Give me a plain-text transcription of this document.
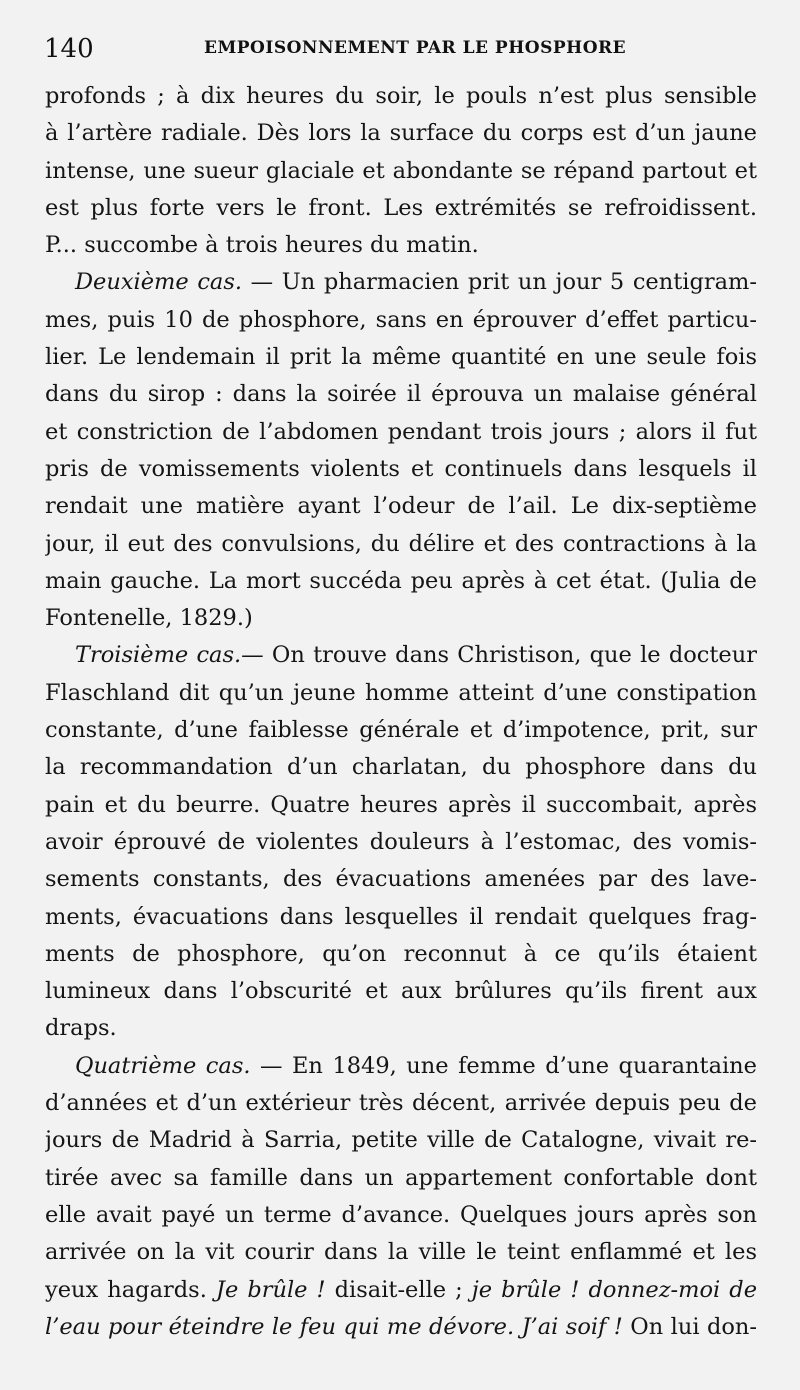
140	EMPOISONNEMENT PAR LE PHOSPHORE
profonds ; à dix heures du soir, le pouls n’est plus sensible
à l’artère radiale. Dès lors la surface du corps est d’un jaune
intense, une sueur glaciale et abondante se répand partout et
est plus forte vers le front. Les extrémités se refroidissent.
P... succombe à trois heures du matin.
Deuxième cas. — Un pharmacien prit un jour 5 centigram-
mes, puis 10 de phosphore, sans en éprouver d’effet particu-
lier. Le lendemain il prit la même quantité en une seule fois
dans du sirop : dans la soirée il éprouva un malaise général
et constriction de l’abdomen pendant trois jours ; alors il fut
pris de vomissements violents et continuels dans lesquels il
rendait une matière ayant l’odeur de l’ail. Le dix-septième
jour, il eut des convulsions, du délire et des contractions à la
main gauche. La mort succéda peu après à cet état. (Julia de
Fontenelle, 1829.)
Troisième cas.— On trouve dans Christison, que le docteur
Flaschland dit qu’un jeune homme atteint d’une constipation
constante, d’une faiblesse générale et d’impotence, prit, sur
la recommandation d’un charlatan, du phosphore dans du
pain et du beurre. Quatre heures après il succombait, après
avoir éprouvé de violentes douleurs à l’estomac, des vomis-
sements constants, des évacuations amenées par des lave-
ments, évacuations dans lesquelles il rendait quelques frag-
ments de phosphore, qu’on reconnut à ce qu’ils étaient
lumineux dans l’obscurité et aux brûlures qu’ils firent aux
draps.
Quatrième cas. — En 1849, une femme d’une quarantaine
d’années et d’un extérieur très décent, arrivée depuis peu de
jours de Madrid à Sarria, petite ville de Catalogne, vivait re-
tirée avec sa famille dans un appartement confortable dont
elle avait payé un terme d’avance. Quelques jours après son
arrivée on la vit courir dans la ville le teint enflammé et les
yeux hagards. Je brûle ! disait-elle ; je brûle ! donnez-moi de
l’eau pour éteindre le feu qui me dévore. J’ai soif ! On lui don-
